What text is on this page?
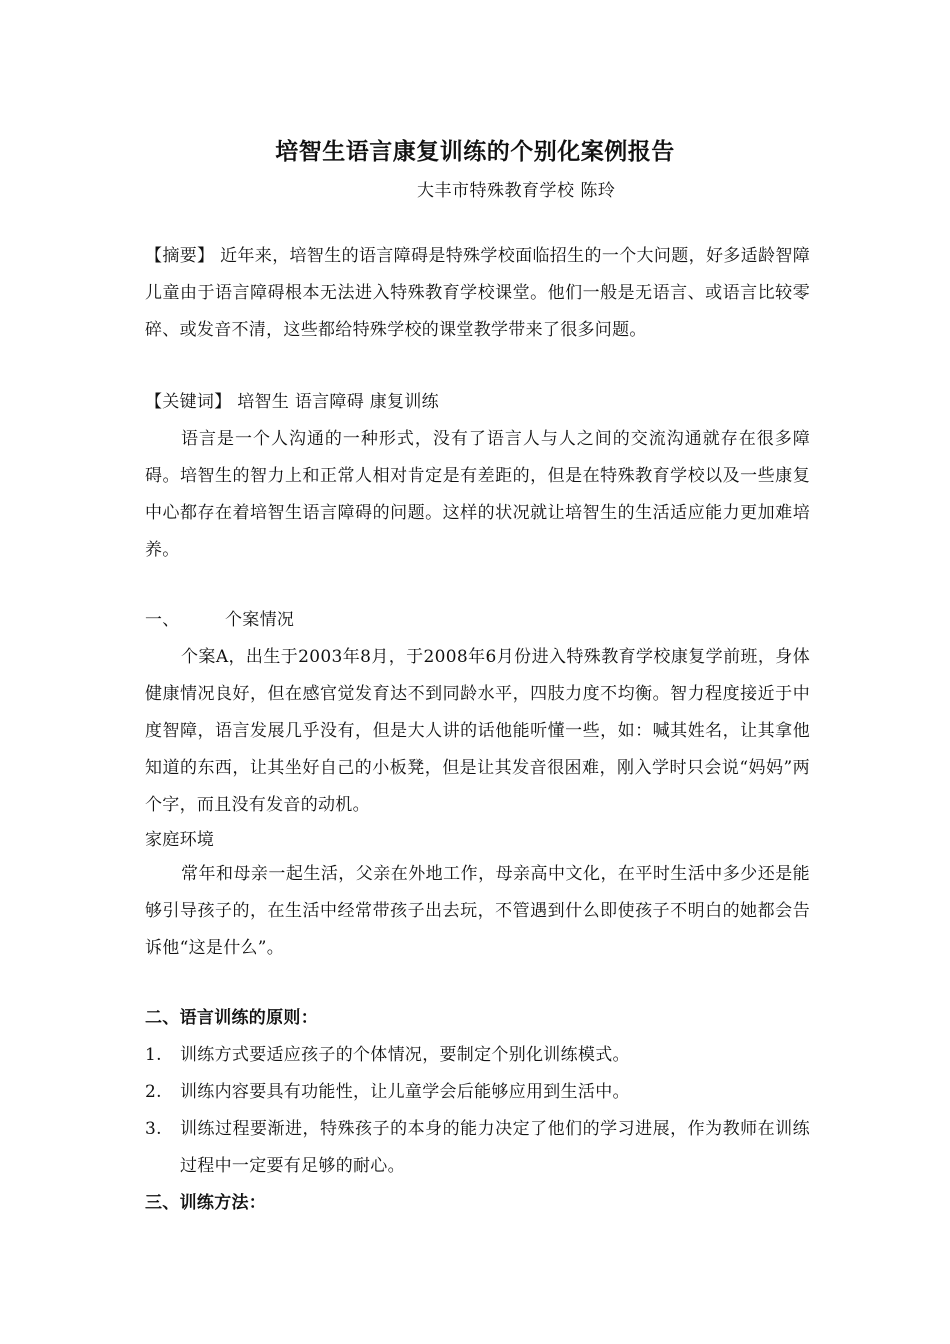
培智生语言康复训练的个别化案例报告
大丰市特殊教育学校 陈玲

【摘要】 近年来，培智生的语言障碍是特殊学校面临招生的一个大问题，好多适龄智障儿童由于语言障碍根本无法进入特殊教育学校课堂。他们一般是无语言、或语言比较零碎、或发音不清，这些都给特殊学校的课堂教学带来了很多问题。

【关键词】 培智生 语言障碍 康复训练

语言是一个人沟通的一种形式，没有了语言人与人之间的交流沟通就存在很多障碍。培智生的智力上和正常人相对肯定是有差距的，但是在特殊教育学校以及一些康复中心都存在着培智生语言障碍的问题。这样的状况就让培智生的生活适应能力更加难培养。

一、	个案情况

个案A，出生于2003年8月，于2008年6月份进入特殊教育学校康复学前班，身体健康情况良好，但在感官觉发育达不到同龄水平，四肢力度不均衡。智力程度接近于中度智障，语言发展几乎没有，但是大人讲的话他能听懂一些，如：喊其姓名，让其拿他知道的东西，让其坐好自己的小板凳，但是让其发音很困难，刚入学时只会说“妈妈”两个字，而且没有发音的动机。

家庭环境

常年和母亲一起生活，父亲在外地工作，母亲高中文化，在平时生活中多少还是能够引导孩子的，在生活中经常带孩子出去玩，不管遇到什么即使孩子不明白的她都会告诉他“这是什么”。

二、语言训练的原则：

1. 训练方式要适应孩子的个体情况，要制定个别化训练模式。

2. 训练内容要具有功能性，让儿童学会后能够应用到生活中。

3. 训练过程要渐进，特殊孩子的本身的能力决定了他们的学习进展，作为教师在训练过程中一定要有足够的耐心。

三、训练方法：
